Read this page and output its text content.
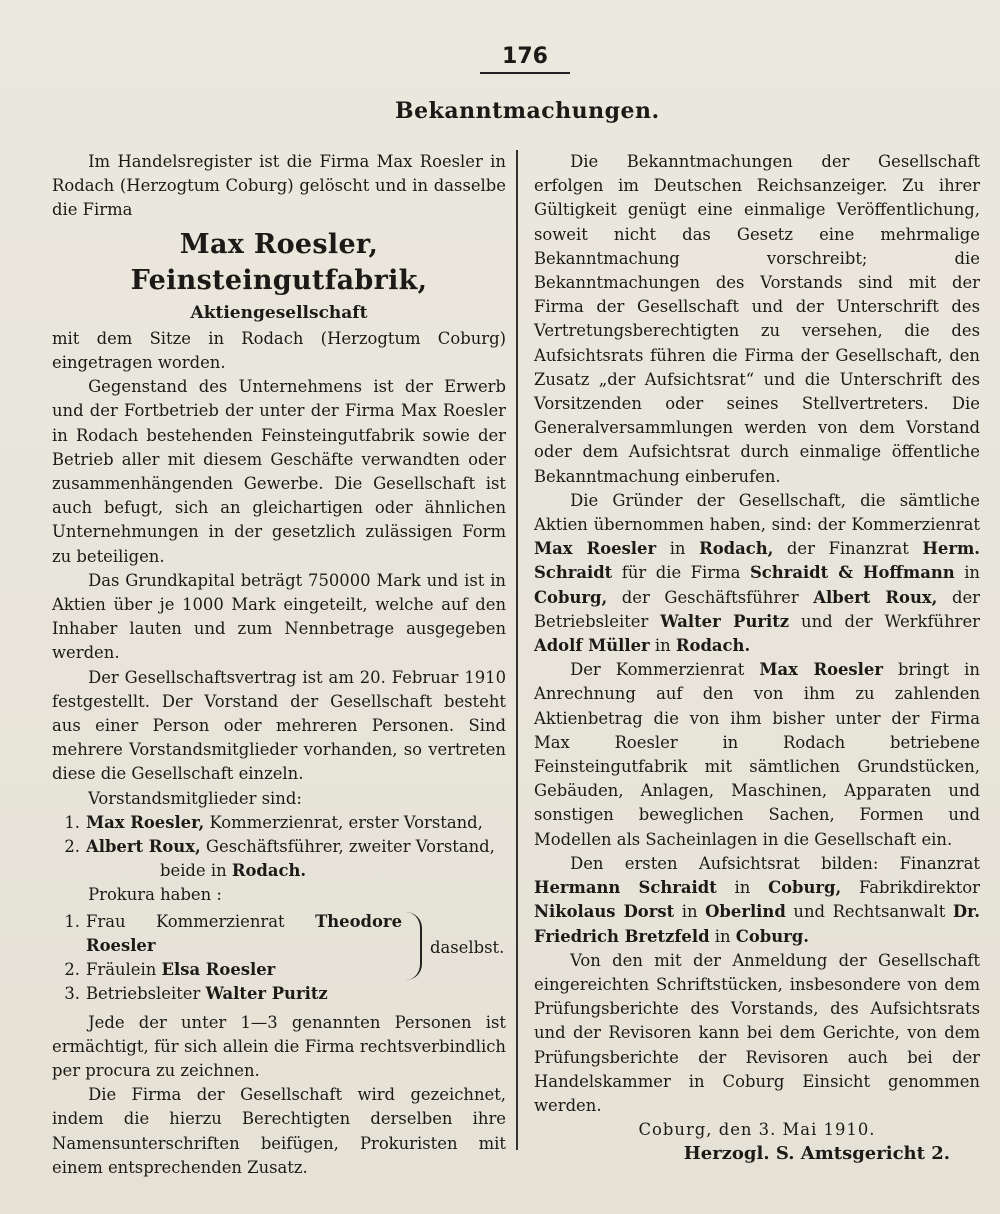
176
Bekanntmachungen.

Im Handelsregister ist die Firma Max Roesler in Rodach (Herzogtum Coburg) gelöscht und in dasselbe die Firma

Max Roesler, Feinsteingutfabrik,
Aktiengesellschaft

mit dem Sitze in Rodach (Herzogtum Coburg) eingetragen worden.

Gegenstand des Unternehmens ist der Erwerb und der Fortbetrieb der unter der Firma Max Roesler in Rodach bestehenden Feinsteingutfabrik sowie der Betrieb aller mit diesem Geschäfte verwandten oder zusammenhängenden Gewerbe. Die Gesellschaft ist auch befugt, sich an gleichartigen oder ähnlichen Unternehmungen in der gesetzlich zulässigen Form zu beteiligen.

Das Grundkapital beträgt 750000 Mark und ist in Aktien über je 1000 Mark eingeteilt, welche auf den Inhaber lauten und zum Nennbetrage ausgegeben werden.

Der Gesellschaftsvertrag ist am 20. Februar 1910 festgestellt. Der Vorstand der Gesellschaft besteht aus einer Person oder mehreren Personen. Sind mehrere Vorstandsmitglieder vorhanden, so vertreten diese die Gesellschaft einzeln.

Vorstandsmitglieder sind:

1. Max Roesler, Kommerzienrat, erster Vorstand,
2. Albert Roux, Geschäftsführer, zweiter Vorstand,

beide in Rodach.

Prokura haben :

1. Frau Kommerzienrat Theodore Roesler
2. Fräulein Elsa Roesler
3. Betriebsleiter Walter Puritz
daselbst.

Jede der unter 1—3 genannten Personen ist ermächtigt, für sich allein die Firma rechtsverbindlich per procura zu zeichnen.

Die Firma der Gesellschaft wird gezeichnet, indem die hierzu Berechtigten derselben ihre Namensunterschriften beifügen, Prokuristen mit einem entsprechenden Zusatz.

Die Bekanntmachungen der Gesellschaft erfolgen im Deutschen Reichsanzeiger. Zu ihrer Gültigkeit genügt eine einmalige Veröffentlichung, soweit nicht das Gesetz eine mehrmalige Bekanntmachung vorschreibt; die Bekanntmachungen des Vorstands sind mit der Firma der Gesellschaft und der Unterschrift des Vertretungsberechtigten zu versehen, die des Aufsichtsrats führen die Firma der Gesellschaft, den Zusatz „der Aufsichtsrat“ und die Unterschrift des Vorsitzenden oder seines Stellvertreters. Die Generalversammlungen werden von dem Vorstand oder dem Aufsichtsrat durch einmalige öffentliche Bekanntmachung einberufen.

Die Gründer der Gesellschaft, die sämtliche Aktien übernommen haben, sind: der Kommerzienrat Max Roesler in Rodach, der Finanzrat Herm. Schraidt für die Firma Schraidt & Hoffmann in Coburg, der Geschäftsführer Albert Roux, der Betriebsleiter Walter Puritz und der Werkführer Adolf Müller in Rodach.

Der Kommerzienrat Max Roesler bringt in Anrechnung auf den von ihm zu zahlenden Aktienbetrag die von ihm bisher unter der Firma Max Roesler in Rodach betriebene Feinsteingutfabrik mit sämtlichen Grundstücken, Gebäuden, Anlagen, Maschinen, Apparaten und sonstigen beweglichen Sachen, Formen und Modellen als Sacheinlagen in die Gesellschaft ein.

Den ersten Aufsichtsrat bilden: Finanzrat Hermann Schraidt in Coburg, Fabrikdirektor Nikolaus Dorst in Oberlind und Rechtsanwalt Dr. Friedrich Bretzfeld in Coburg.

Von den mit der Anmeldung der Gesellschaft eingereichten Schriftstücken, insbesondere von dem Prüfungsberichte des Vorstands, des Aufsichtsrats und der Revisoren kann bei dem Gerichte, von dem Prüfungsberichte der Revisoren auch bei der Handelskammer in Coburg Einsicht genommen werden.

Coburg, den 3. Mai 1910.

Herzogl. S. Amtsgericht 2.
